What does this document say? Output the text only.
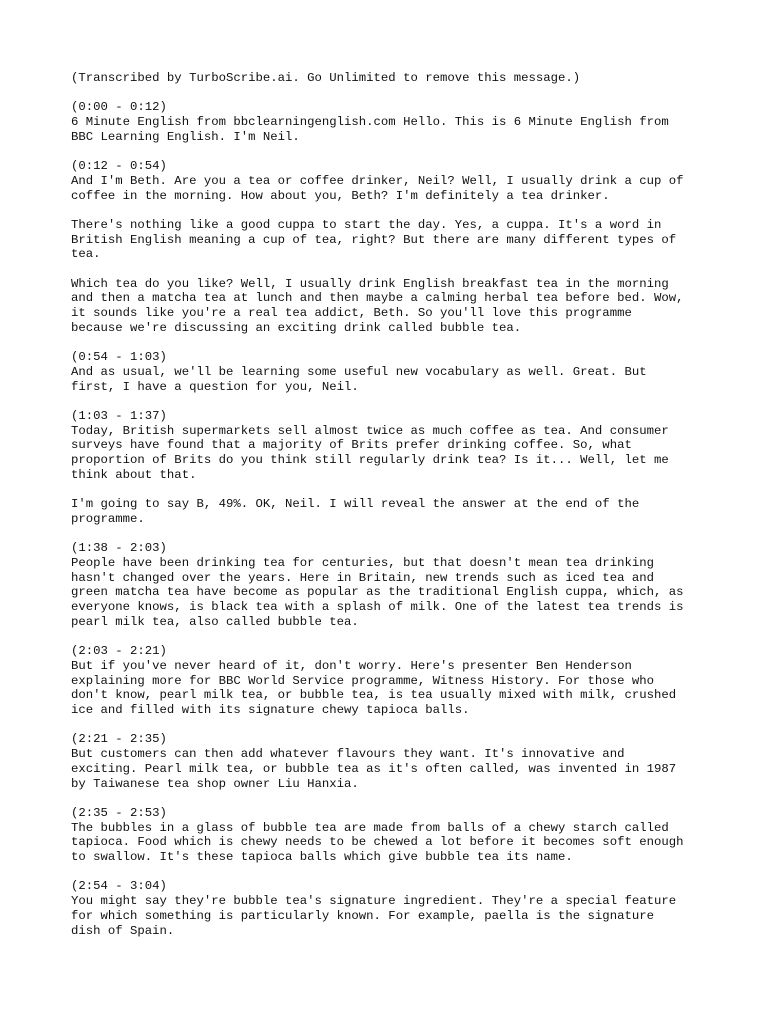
(Transcribed by TurboScribe.ai. Go Unlimited to remove this message.)
(0:00 - 0:12)
6 Minute English from bbclearningenglish.com Hello. This is 6 Minute English from
BBC Learning English. I'm Neil.
(0:12 - 0:54)
And I'm Beth. Are you a tea or coffee drinker, Neil? Well, I usually drink a cup of
coffee in the morning. How about you, Beth? I'm definitely a tea drinker.
There's nothing like a good cuppa to start the day. Yes, a cuppa. It's a word in
British English meaning a cup of tea, right? But there are many different types of
tea.
Which tea do you like? Well, I usually drink English breakfast tea in the morning
and then a matcha tea at lunch and then maybe a calming herbal tea before bed. Wow,
it sounds like you're a real tea addict, Beth. So you'll love this programme
because we're discussing an exciting drink called bubble tea.
(0:54 - 1:03)
And as usual, we'll be learning some useful new vocabulary as well. Great. But
first, I have a question for you, Neil.
(1:03 - 1:37)
Today, British supermarkets sell almost twice as much coffee as tea. And consumer
surveys have found that a majority of Brits prefer drinking coffee. So, what
proportion of Brits do you think still regularly drink tea? Is it... Well, let me
think about that.
I'm going to say B, 49%. OK, Neil. I will reveal the answer at the end of the
programme.
(1:38 - 2:03)
People have been drinking tea for centuries, but that doesn't mean tea drinking
hasn't changed over the years. Here in Britain, new trends such as iced tea and
green matcha tea have become as popular as the traditional English cuppa, which, as
everyone knows, is black tea with a splash of milk. One of the latest tea trends is
pearl milk tea, also called bubble tea.
(2:03 - 2:21)
But if you've never heard of it, don't worry. Here's presenter Ben Henderson
explaining more for BBC World Service programme, Witness History. For those who
don't know, pearl milk tea, or bubble tea, is tea usually mixed with milk, crushed
ice and filled with its signature chewy tapioca balls.
(2:21 - 2:35)
But customers can then add whatever flavours they want. It's innovative and
exciting. Pearl milk tea, or bubble tea as it's often called, was invented in 1987
by Taiwanese tea shop owner Liu Hanxia.
(2:35 - 2:53)
The bubbles in a glass of bubble tea are made from balls of a chewy starch called
tapioca. Food which is chewy needs to be chewed a lot before it becomes soft enough
to swallow. It's these tapioca balls which give bubble tea its name.
(2:54 - 3:04)
You might say they're bubble tea's signature ingredient. They're a special feature
for which something is particularly known. For example, paella is the signature
dish of Spain.
